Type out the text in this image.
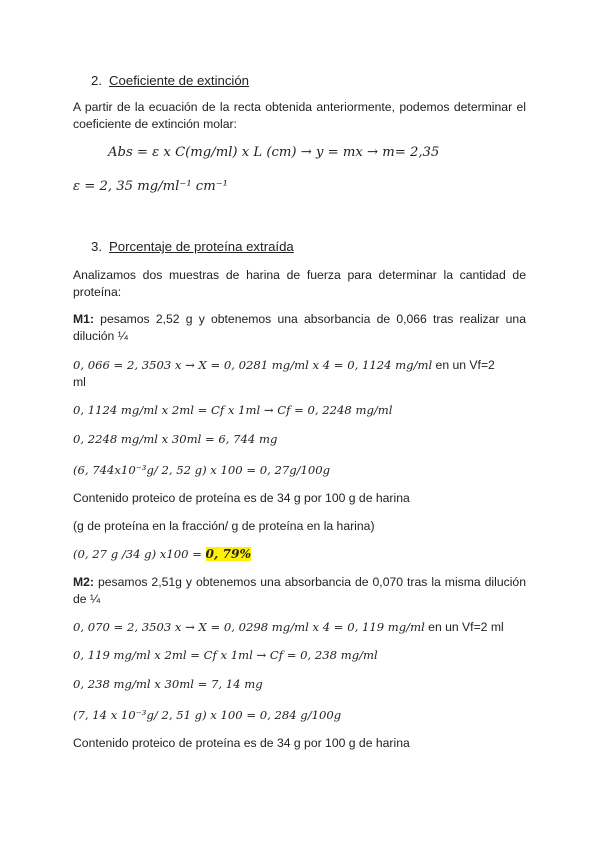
2. Coeficiente de extinción
A partir de la ecuación de la recta obtenida anteriormente, podemos determinar el coeficiente de extinción molar:
Abs = ε x C(mg/ml) x L (cm) → y = mx → m= 2,35
ε = 2, 35 mg/ml⁻¹ cm⁻¹
3. Porcentaje de proteína extraída
Analizamos dos muestras de harina de fuerza para determinar la cantidad de proteína:
M1: pesamos 2,52 g y obtenemos una absorbancia de 0,066 tras realizar una dilución ¼
0, 066 = 2, 3503 x → X = 0, 0281 mg/ml x 4 = 0, 1124 mg/ml en un Vf=2
ml
0, 1124 mg/ml x 2ml = Cf x 1ml → Cf = 0, 2248 mg/ml
0, 2248 mg/ml x 30ml = 6, 744 mg
(6, 744x10⁻³g/ 2, 52 g) x 100 = 0, 27g/100g
Contenido proteico de proteína es de 34 g por 100 g de harina
(g de proteína en la fracción/ g de proteína en la harina)
(0, 27 g /34 g) x100 = 0, 79%
M2: pesamos 2,51g y obtenemos una absorbancia de 0,070 tras la misma dilución de ¼
0, 070 = 2, 3503 x → X = 0, 0298 mg/ml x 4 = 0, 119 mg/ml en un Vf=2 ml
0, 119 mg/ml x 2ml = Cf x 1ml → Cf = 0, 238 mg/ml
0, 238 mg/ml x 30ml = 7, 14 mg
(7, 14 x 10⁻³g/ 2, 51 g) x 100 = 0, 284 g/100g
Contenido proteico de proteína es de 34 g por 100 g de harina
